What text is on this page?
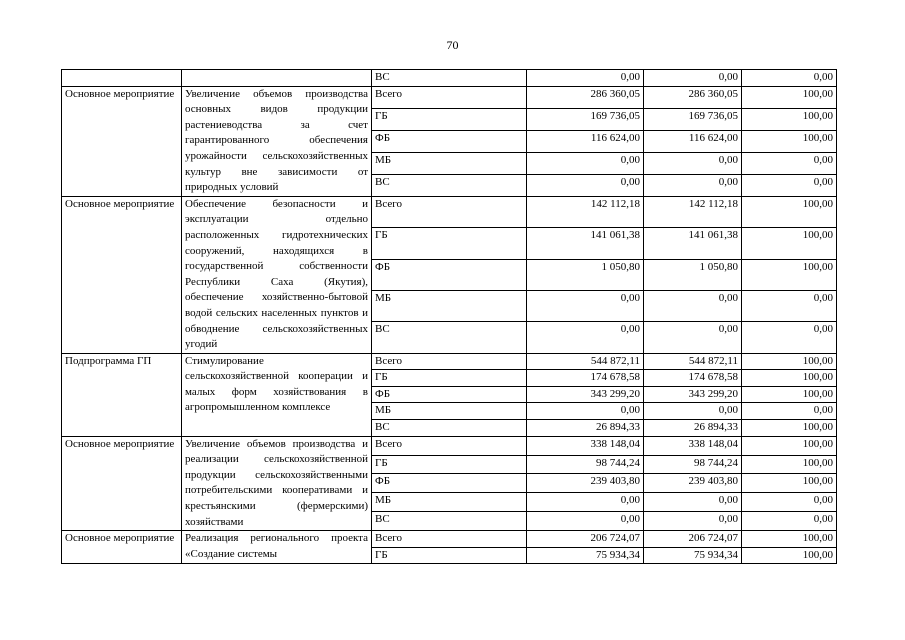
70
		ВС	0,00	0,00	0,00
Основное мероприятие	Увеличение объемов производства основных видов продукции растениеводства за счет гарантированного обеспечения урожайности сельскохозяйственных культур вне зависимости от природных условий	Всего	286 360,05	286 360,05	100,00
		ГБ	169 736,05	169 736,05	100,00
		ФБ	116 624,00	116 624,00	100,00
		МБ	0,00	0,00	0,00
		ВС	0,00	0,00	0,00
Основное мероприятие	Обеспечение безопасности и эксплуатации отдельно расположенных гидротехнических сооружений, находящихся в государственной собственности Республики Саха (Якутия), обеспечение хозяйственно-бытовой водой сельских населенных пунктов и обводнение сельскохозяйственных угодий	Всего	142 112,18	142 112,18	100,00
		ГБ	141 061,38	141 061,38	100,00
		ФБ	1 050,80	1 050,80	100,00
		МБ	0,00	0,00	0,00
		ВС	0,00	0,00	0,00
Подпрограмма ГП	Стимулирование сельскохозяйственной кооперации и малых форм хозяйствования в агропромышленном комплексе	Всего	544 872,11	544 872,11	100,00
		ГБ	174 678,58	174 678,58	100,00
		ФБ	343 299,20	343 299,20	100,00
		МБ	0,00	0,00	0,00
		ВС	26 894,33	26 894,33	100,00
Основное мероприятие	Увеличение объемов производства и реализации сельскохозяйственной продукции сельскохозяйственными потребительскими кооперативами и крестьянскими (фермерскими) хозяйствами	Всего	338 148,04	338 148,04	100,00
		ГБ	98 744,24	98 744,24	100,00
		ФБ	239 403,80	239 403,80	100,00
		МБ	0,00	0,00	0,00
		ВС	0,00	0,00	0,00
Основное мероприятие	Реализация регионального проекта «Создание системы	Всего	206 724,07	206 724,07	100,00
		ГБ	75 934,34	75 934,34	100,00
